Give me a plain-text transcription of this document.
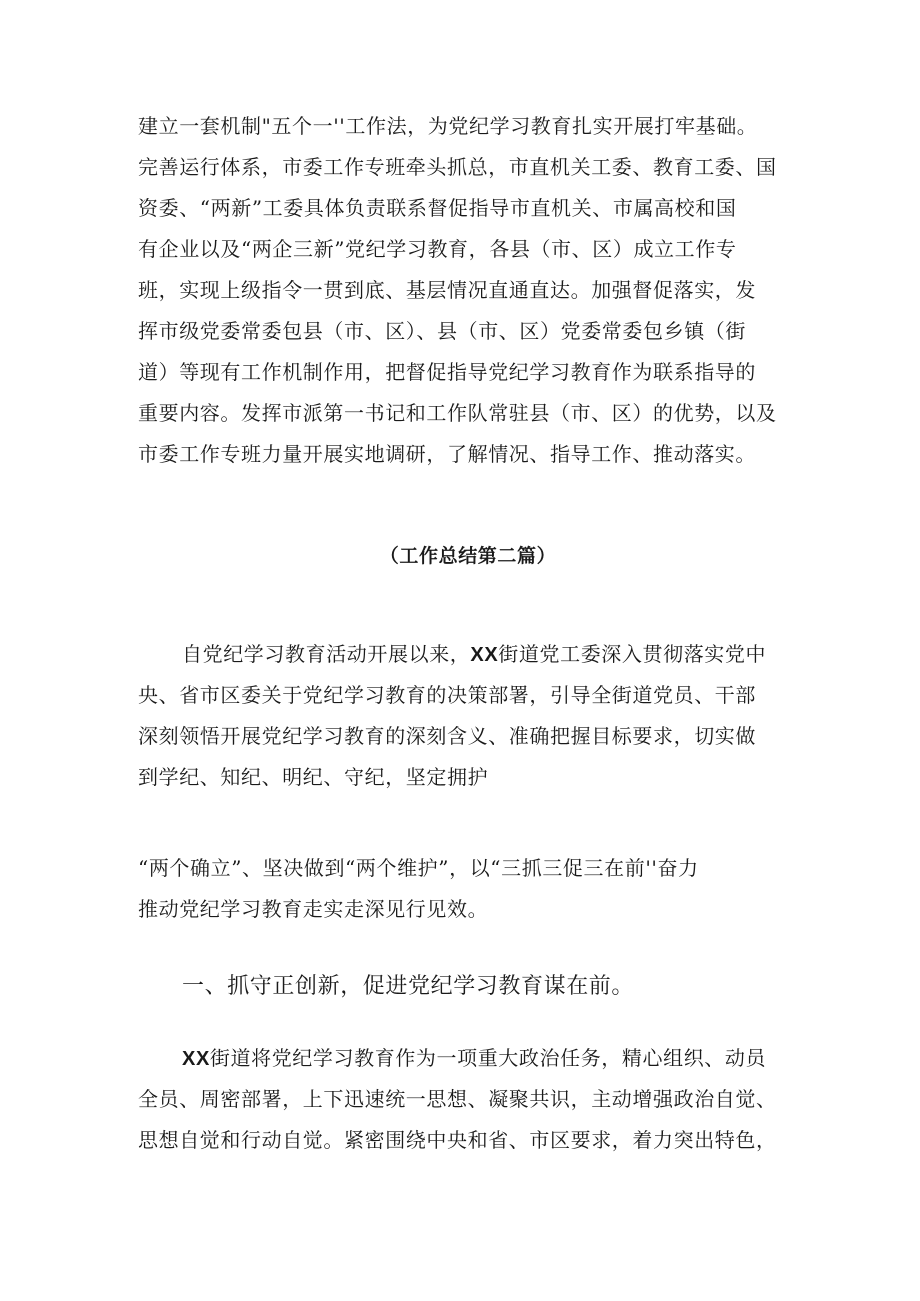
建立一套机制"五个一''工作法，为党纪学习教育扎实开展打牢基础。
完善运行体系，市委工作专班牵头抓总，市直机关工委、教育工委、国
资委、“两新”工委具体负责联系督促指导市直机关、市属高校和国
有企业以及“两企三新”党纪学习教育，各县（市、区）成立工作专
班，实现上级指令一贯到底、基层情况直通直达。加强督促落实，发
挥市级党委常委包县（市、区）、县（市、区）党委常委包乡镇（街
道）等现有工作机制作用，把督促指导党纪学习教育作为联系指导的
重要内容。发挥市派第一书记和工作队常驻县（市、区）的优势，以及
市委工作专班力量开展实地调研，了解情况、指导工作、推动落实。
（工作总结第二篇）
自党纪学习教育活动开展以来，XX街道党工委深入贯彻落实党中
央、省市区委关于党纪学习教育的决策部署，引导全街道党员、干部
深刻领悟开展党纪学习教育的深刻含义、准确把握目标要求，切实做
到学纪、知纪、明纪、守纪，坚定拥护
“两个确立”、坚决做到“两个维护”，以“三抓三促三在前''奋力
推动党纪学习教育走实走深见行见效。
一、抓守正创新，促进党纪学习教育谋在前。
XX街道将党纪学习教育作为一项重大政治任务，精心组织、动员
全员、周密部署，上下迅速统一思想、凝聚共识，主动增强政治自觉、
思想自觉和行动自觉。紧密围绕中央和省、市区要求，着力突出特色，
